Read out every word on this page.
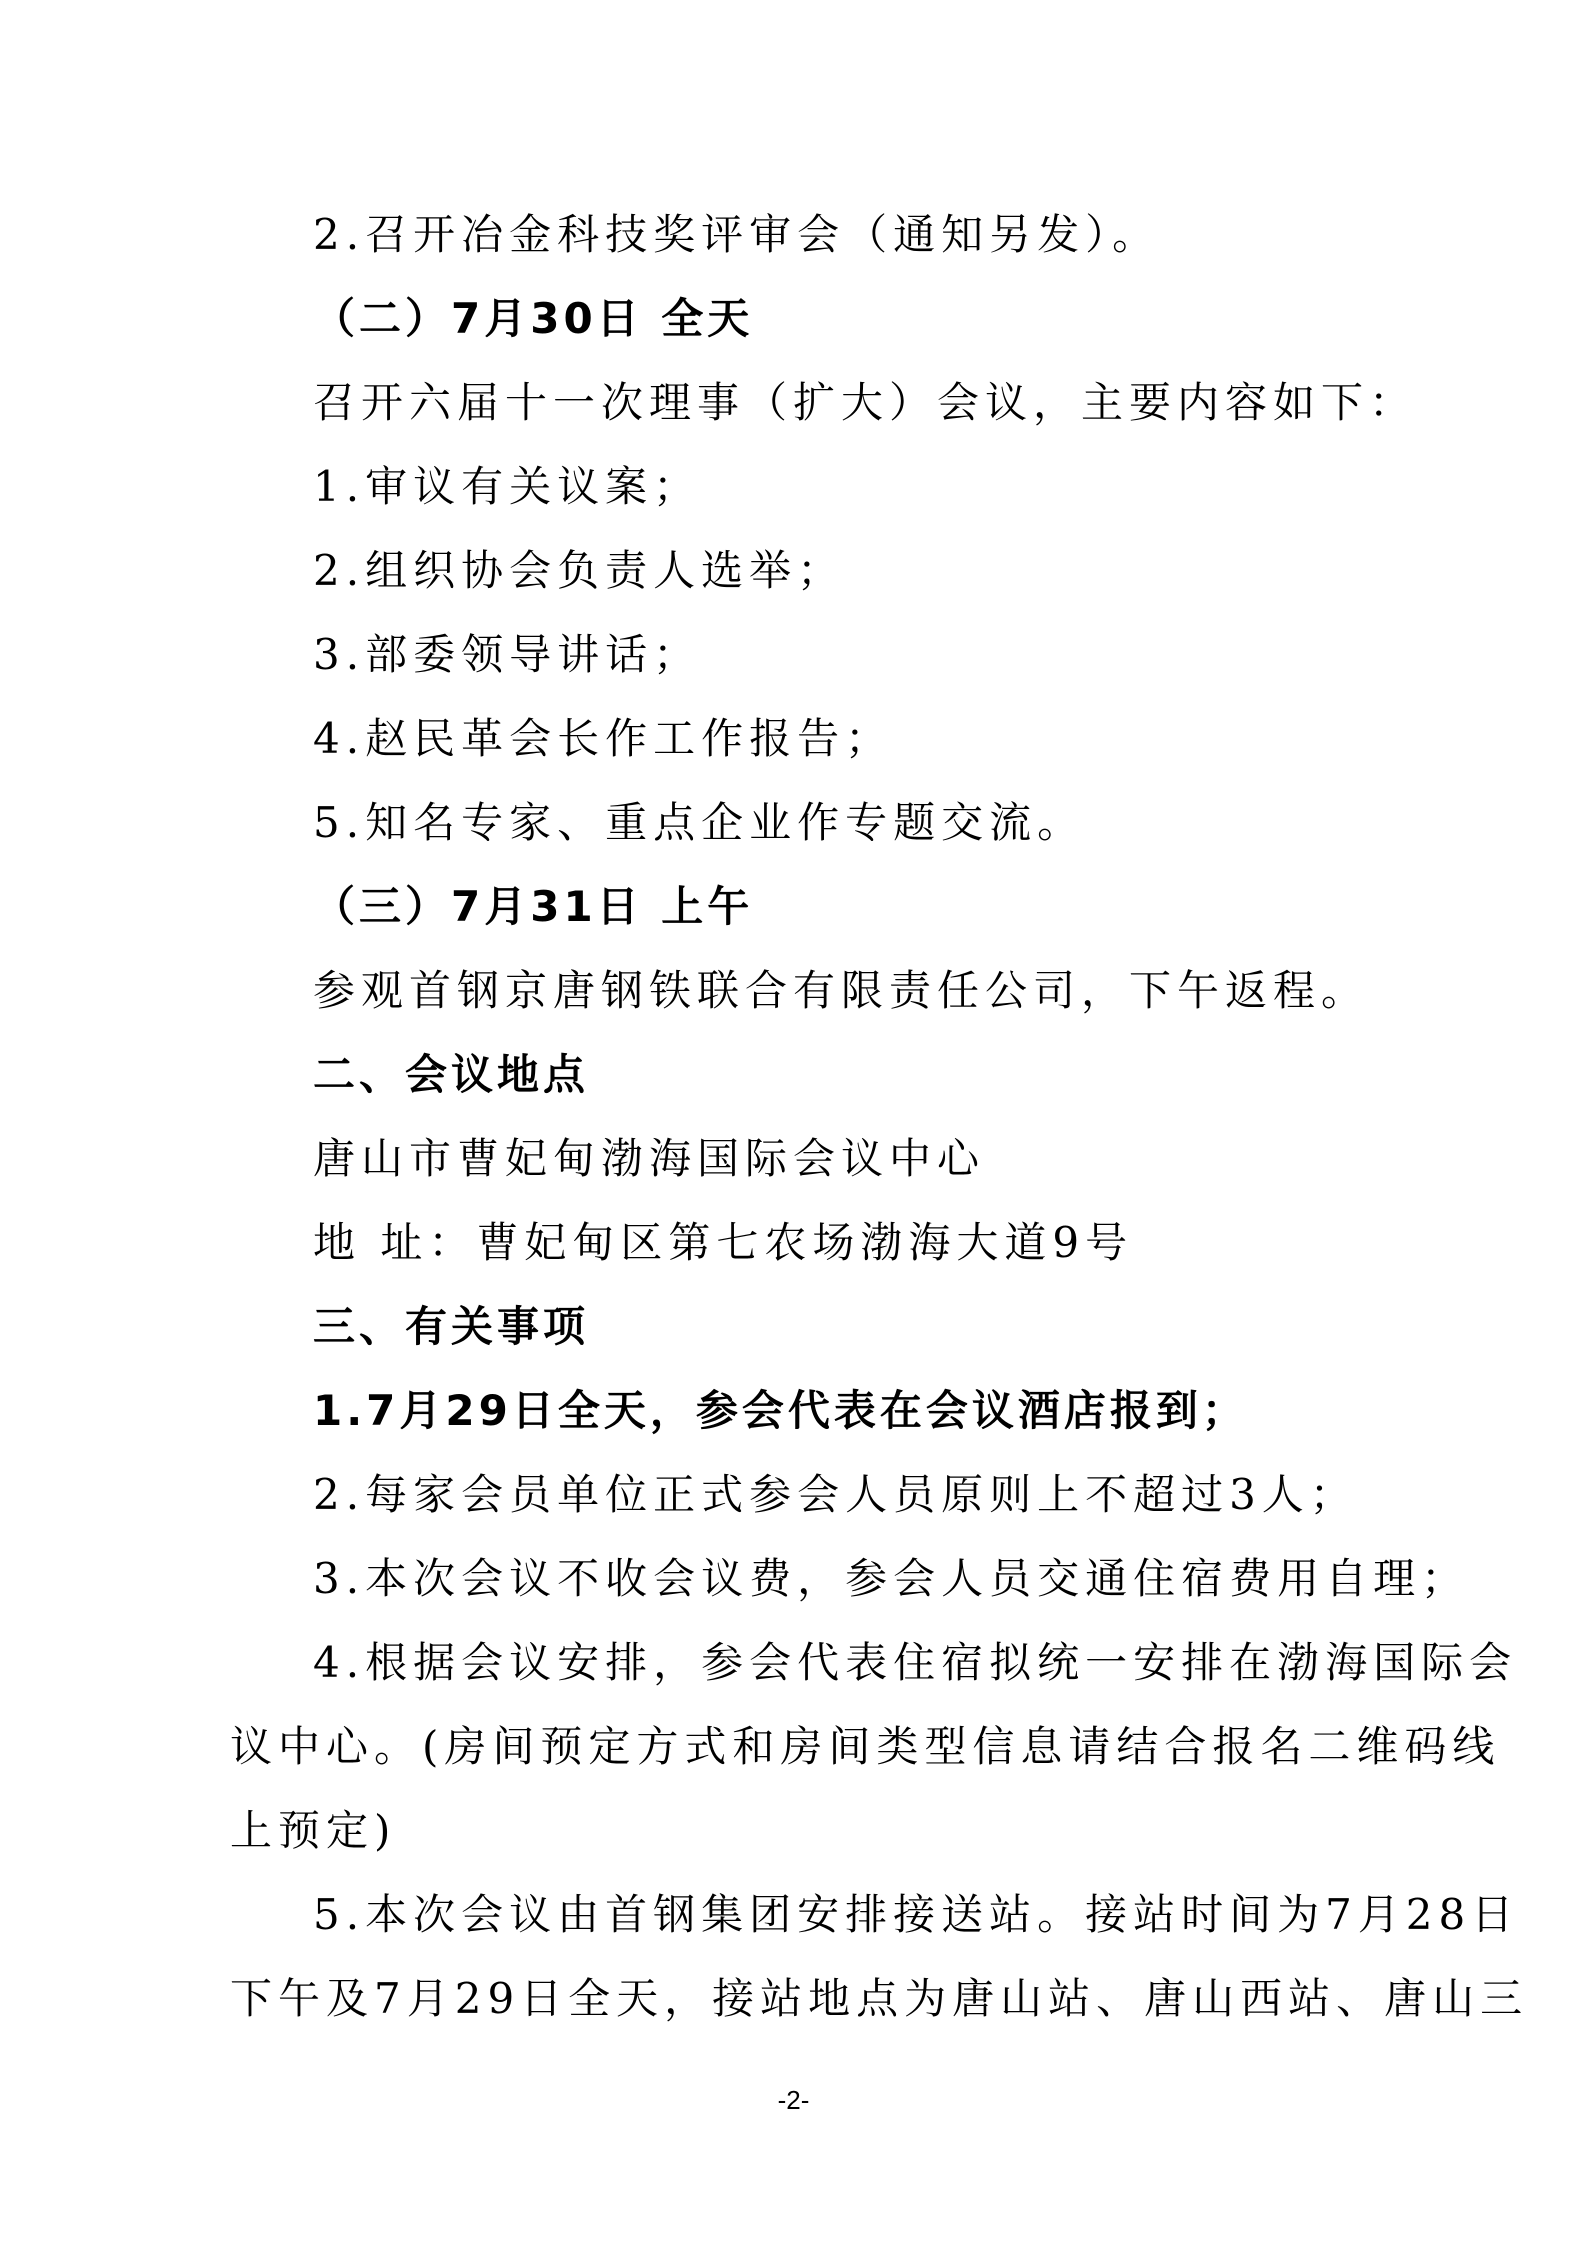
2.召开冶金科技奖评审会（通知另发）。
（二）7月30日 全天
召开六届十一次理事（扩大）会议，主要内容如下：
1.审议有关议案；
2.组织协会负责人选举；
3.部委领导讲话；
4.赵民革会长作工作报告；
5.知名专家、重点企业作专题交流。
（三）7月31日 上午
参观首钢京唐钢铁联合有限责任公司，下午返程。
二、会议地点
唐山市曹妃甸渤海国际会议中心
地 址：曹妃甸区第七农场渤海大道9号
三、有关事项
1.7月29日全天，参会代表在会议酒店报到；
2.每家会员单位正式参会人员原则上不超过3人；
3.本次会议不收会议费，参会人员交通住宿费用自理；
4.根据会议安排，参会代表住宿拟统一安排在渤海国际会
议中心。(房间预定方式和房间类型信息请结合报名二维码线
上预定)
5.本次会议由首钢集团安排接送站。接站时间为7月28日
下午及7月29日全天，接站地点为唐山站、唐山西站、唐山三
-2-
